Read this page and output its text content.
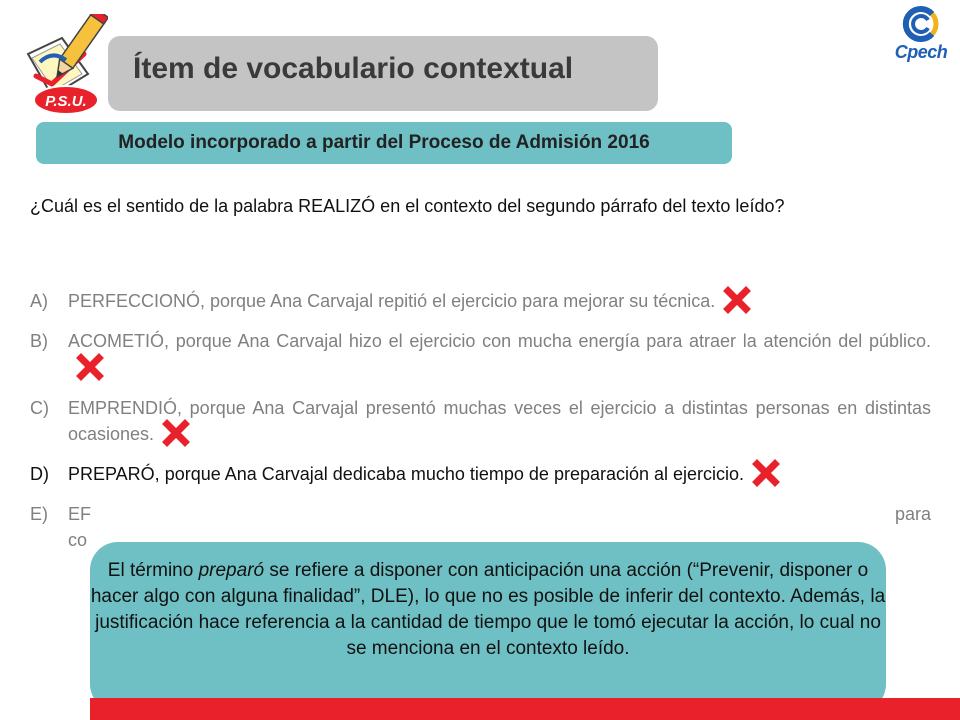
P.S.U.
Cpech
Ítem de vocabulario contextual
Modelo incorporado a partir del Proceso de Admisión 2016
¿Cuál es el sentido de la palabra REALIZÓ en el contexto del segundo párrafo del texto leído?
A) PERFECCIONÓ, porque Ana Carvajal repitió el ejercicio para mejorar su técnica.
B) ACOMETIÓ, porque Ana Carvajal hizo el ejercicio con mucha energía para atraer la atención del público.
C) EMPRENDIÓ, porque Ana Carvajal presentó muchas veces el ejercicio a distintas personas en distintas ocasiones.
D) PREPARÓ, porque Ana Carvajal dedicaba mucho tiempo de preparación al ejercicio.
E) EF	para
co
El término preparó se refiere a disponer con anticipación una acción (“Prevenir, disponer o hacer algo con alguna finalidad”, DLE), lo que no es posible de inferir del contexto. Además, la justificación hace referencia a la cantidad de tiempo que le tomó ejecutar la acción, lo cual no se menciona en el contexto leído.
